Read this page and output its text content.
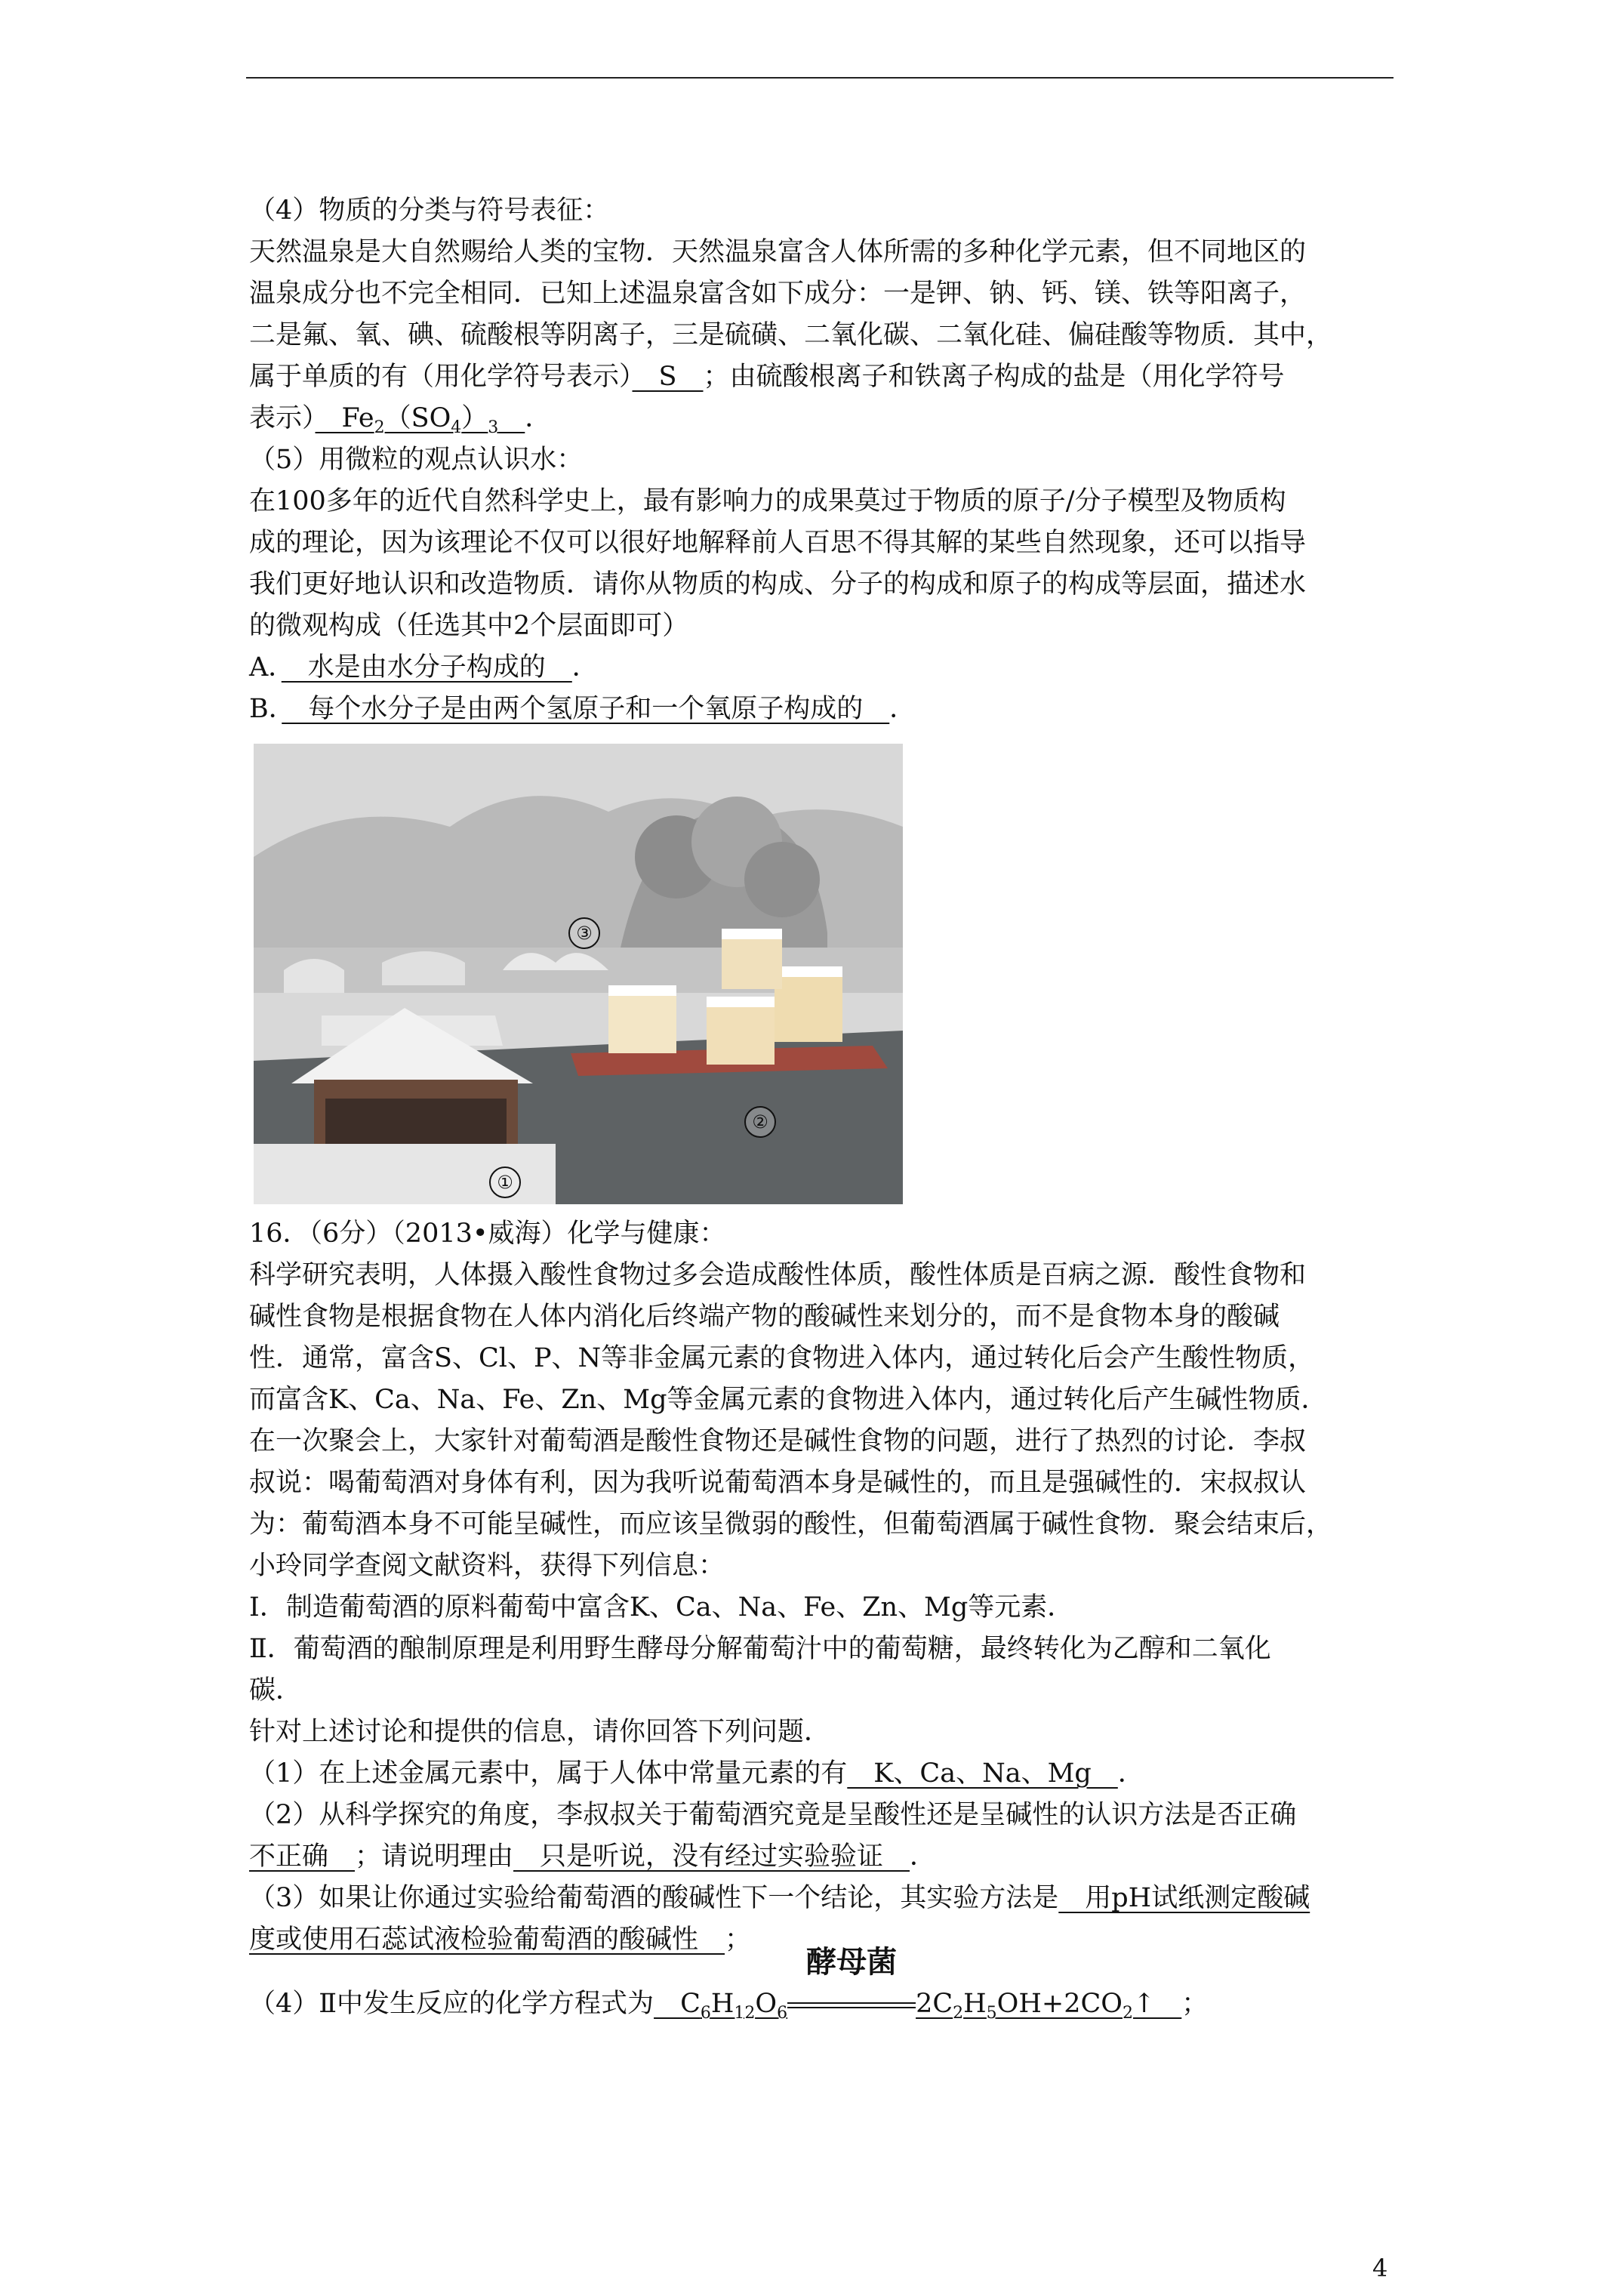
（4）物质的分类与符号表征：
天然温泉是大自然赐给人类的宝物．天然温泉富含人体所需的多种化学元素，但不同地区的
温泉成分也不完全相同．已知上述温泉富含如下成分：一是钾、钠、钙、镁、铁等阳离子，
二是氟、氧、碘、硫酸根等阴离子，三是硫磺、二氧化碳、二氧化硅、偏硅酸等物质．其中，
属于单质的有（用化学符号表示）　S　；由硫酸根离子和铁离子构成的盐是（用化学符号
表示）　$Fe_2(SO_4)_3$　 ．
（5）用微粒的观点认识水：
在100多年的近代自然科学史上，最有影响力的成果莫过于物质的原子/分子模型及物质构
成的理论，因为该理论不仅可以很好地解释前人百思不得其解的某些自然现象，还可以指导
我们更好地认识和改造物质．请你从物质的构成、分子的构成和原子的构成等层面，描述水
的微观构成（任选其中2个层面即可）
A．　水是由水分子构成的　．
B．　每个水分子是由两个氢原子和一个氧原子构成的　．
③
②
①
16．（6分）（2013•威海）化学与健康：
科学研究表明，人体摄入酸性食物过多会造成酸性体质，酸性体质是百病之源．酸性食物和
碱性食物是根据食物在人体内消化后终端产物的酸碱性来划分的，而不是食物本身的酸碱
性．通常，富含S、Cl、P、N等非金属元素的食物进入体内，通过转化后会产生酸性物质，
而富含K、Ca、Na、Fe、Zn、Mg等金属元素的食物进入体内，通过转化后产生碱性物质．
在一次聚会上，大家针对葡萄酒是酸性食物还是碱性食物的问题，进行了热烈的讨论．李叔
叔说：喝葡萄酒对身体有利，因为我听说葡萄酒本身是碱性的，而且是强碱性的．宋叔叔认
为：葡萄酒本身不可能呈碱性，而应该呈微弱的酸性，但葡萄酒属于碱性食物．聚会结束后，
小玲同学查阅文献资料，获得下列信息：
Ⅰ．制造葡萄酒的原料葡萄中富含K、Ca、Na、Fe、Zn、Mg等元素．
Ⅱ．葡萄酒的酿制原理是利用野生酵母分解葡萄汁中的葡萄糖，最终转化为乙醇和二氧化
碳．
针对上述讨论和提供的信息，请你回答下列问题．
（1）在上述金属元素中，属于人体中常量元素的有　K、Ca、Na、Mg　．
（2）从科学探究的角度，李叔叔关于葡萄酒究竟是呈酸性还是呈碱性的认识方法是否正确
不正确　；请说明理由　只是听说，没有经过实验验证　．
（3）如果让你通过实验给葡萄酒的酸碱性下一个结论，其实验方法是　用pH试纸测定酸碱
度或使用石蕊试液检验葡萄酒的酸碱性　；
（4）Ⅱ中发生反应的化学方程式为　$C_6H_{12}O_6$
酵母菌
$2C_2H_5OH+2CO_2↑$　；
4
